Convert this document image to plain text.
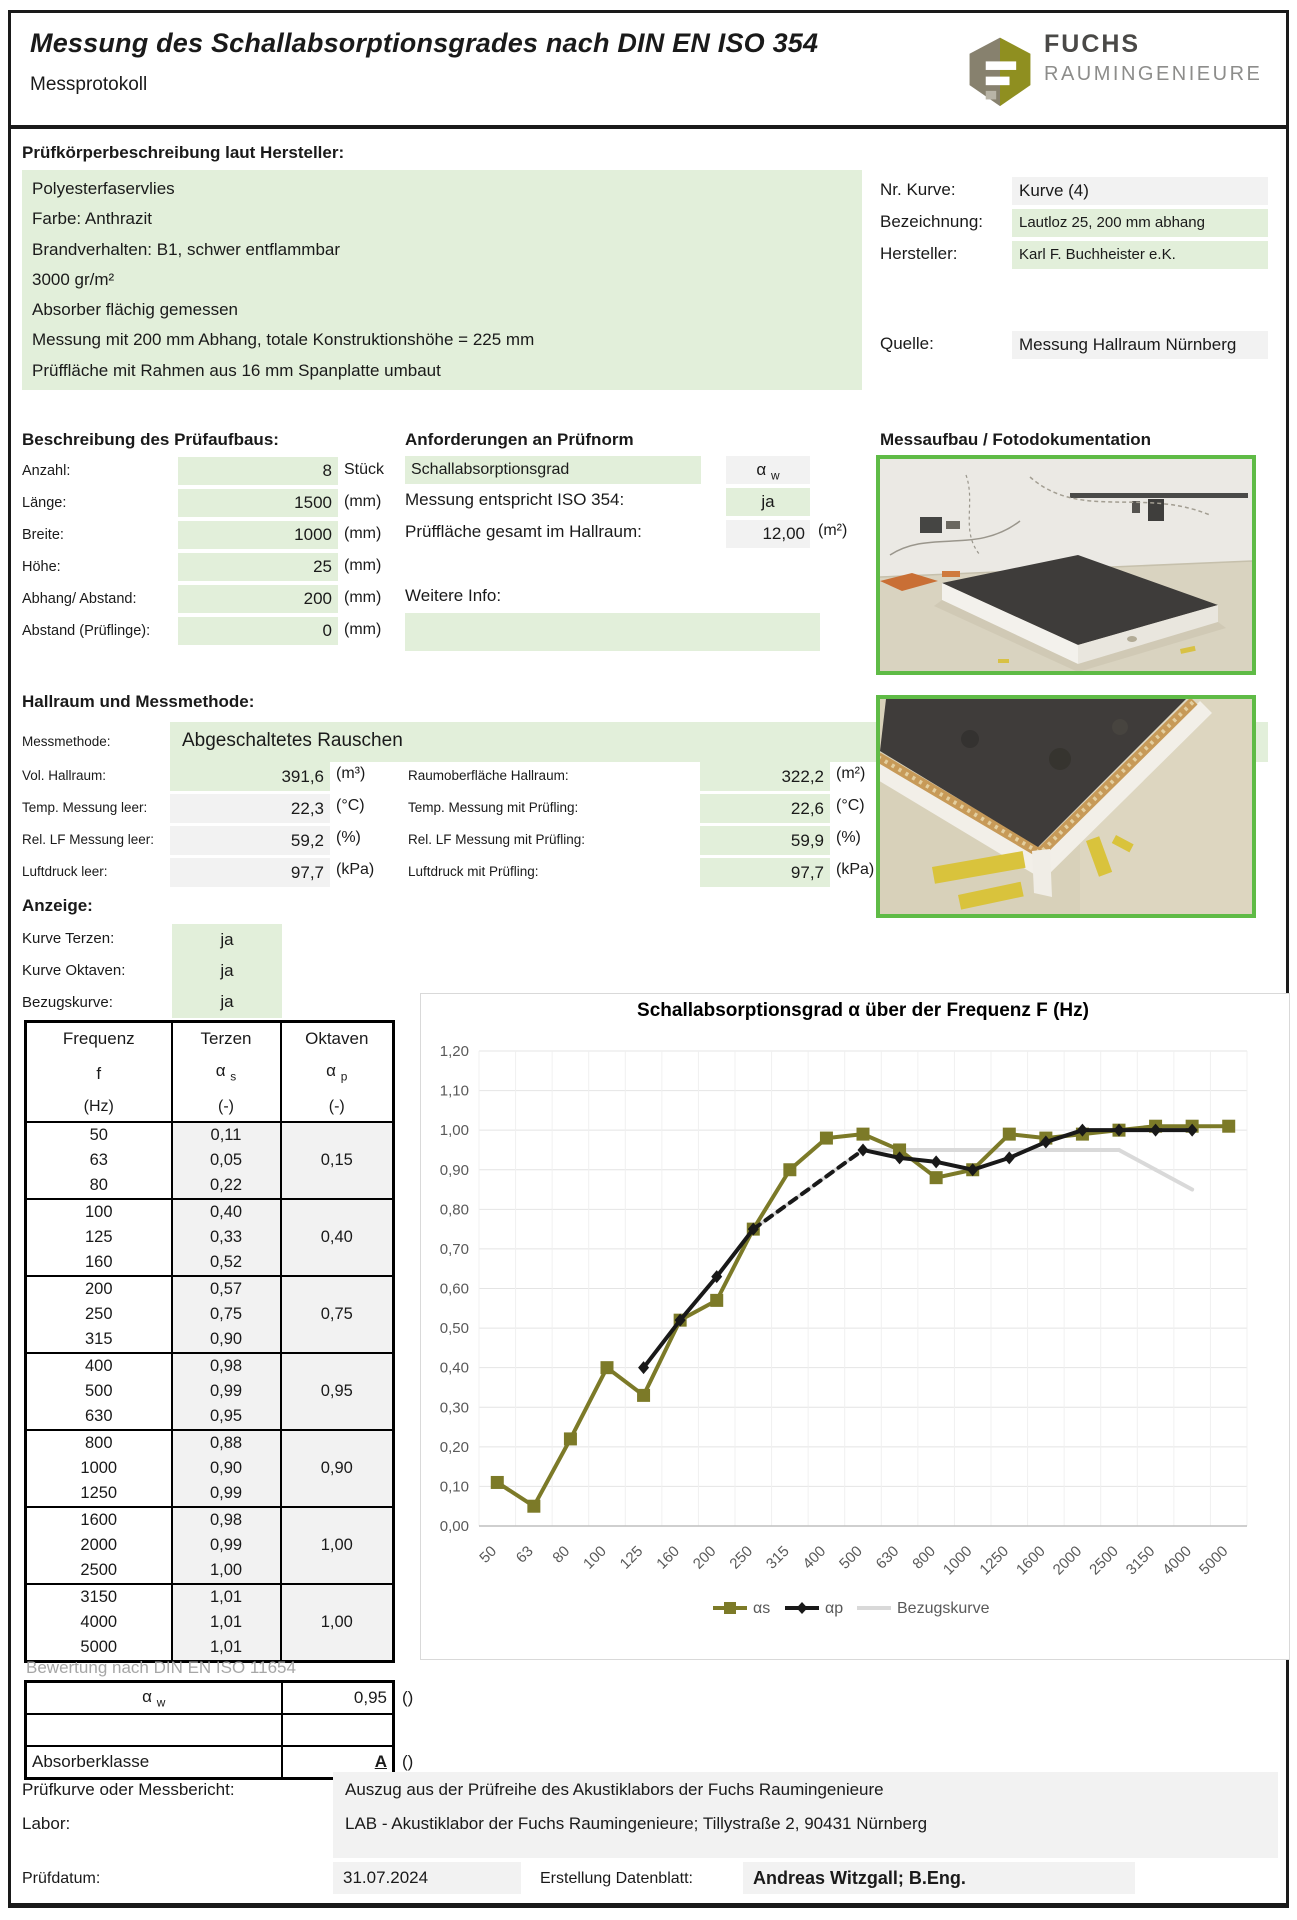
Messung des Schallabsorptionsgrades nach DIN EN ISO 354
Messprotokoll
FUCHS
RAUMINGENIEURE
Prüfkörperbeschreibung laut Hersteller:
Polyesterfaservlies
Farbe: Anthrazit
Brandverhalten: B1, schwer entflammbar
3000 gr/m²
Absorber flächig gemessen
Messung mit 200 mm Abhang, totale Konstruktionshöhe = 225 mm
Prüffläche mit Rahmen aus 16 mm Spanplatte umbaut
Nr. Kurve:	Kurve (4)
Bezeichnung:	Lautloz 25, 200 mm abhang
Hersteller:	Karl F. Buchheister e.K.
Quelle:	Messung Hallraum Nürnberg
Beschreibung des Prüfaufbaus:	Anforderungen an Prüfnorm	Messaufbau / Fotodokumentation
Anzahl:	8 Stück
Länge:	1500 (mm)
Breite:	1000 (mm)
Höhe:	25 (mm)
Abhang/ Abstand:	200 (mm)
Abstand (Prüflinge):	0 (mm)
Schallabsorptionsgrad	α $_w$
Messung entspricht ISO 354:	ja
Prüffläche gesamt im Hallraum:	12,00 (m²)
Weitere Info:
Hallraum und Messmethode:
Messmethode:	Abgeschaltetes Rauschen
Vol. Hallraum:	391,6 (m³)	Raumoberfläche Hallraum:	322,2 (m²)
Temp. Messung leer:	22,3 (°C)	Temp. Messung mit Prüfling:	22,6 (°C)
Rel. LF Messung leer:	59,2 (%)	Rel. LF Messung mit Prüfling:	59,9 (%)
Luftdruck leer:	97,7 (kPa)	Luftdruck mit Prüfling:	97,7 (kPa)
Anzeige:
Kurve Terzen:	ja
Kurve Oktaven:	ja
Bezugskurve:	ja
Frequenz	Terzen	Oktaven
f	α $_s$	α $_p$
(Hz)	(-)	(-)
50	0,11	0,15
63	0,05	
80	0,22	
100	0,40	0,40
125	0,33	
160	0,52	
200	0,57	0,75
250	0,75	
315	0,90	
400	0,98	0,95
500	0,99	
630	0,95	
800	0,88	0,90
1000	0,90	
1250	0,99	
1600	0,98	1,00
2000	0,99	
2500	1,00	
3150	1,01	1,00
4000	1,01	
5000	1,01	
Bewertung nach DIN EN ISO 11654
α $_w$	0,95

Absorberklasse	A
()
()
0,00
0,10
0,20
0,30
0,40
0,50
0,60
0,70
0,80
0,90
1,00
1,10
1,20
50 63 80 100 125 160 200 250 315 400 500 630 800 1000 1250 1600 2000 2500 3150 4000 5000
Schallabsorptionsgrad α über der Frequenz F (Hz)
αs	αp	Bezugskurve
Prüfkurve oder Messbericht:	Auszug aus der Prüfreihe des Akustiklabors der Fuchs Raumingenieure
Labor:	LAB - Akustiklabor der Fuchs Raumingenieure; Tillystraße 2, 90431 Nürnberg
Prüfdatum:	31.07.2024	Erstellung Datenblatt:	Andreas Witzgall; B.Eng.
